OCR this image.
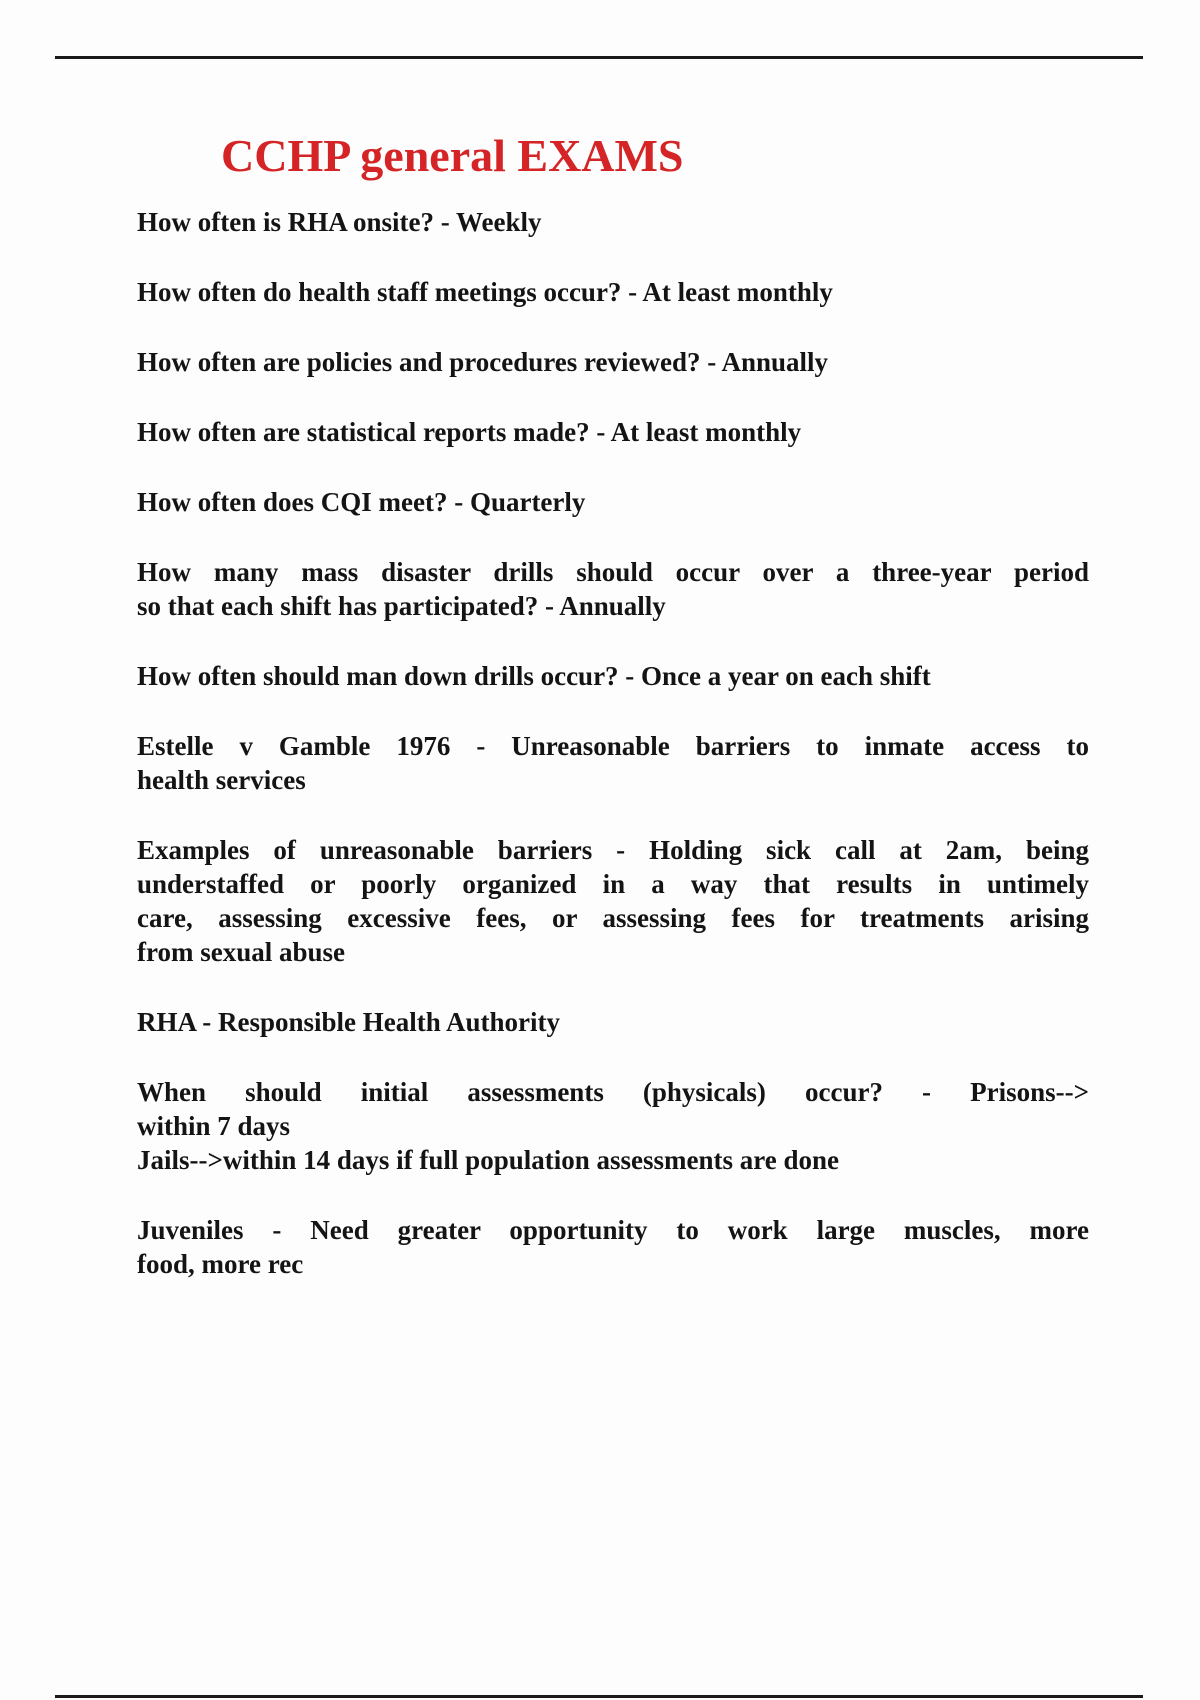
CCHP general EXAMS
How often is RHA onsite? - Weekly
How often do health staff meetings occur? - At least monthly
How often are policies and procedures reviewed? - Annually
How often are statistical reports made? - At least monthly
How often does CQI meet? - Quarterly
How many mass disaster drills should occur over a three-year period
so that each shift has participated? - Annually
How often should man down drills occur? - Once a year on each shift
Estelle v Gamble 1976 - Unreasonable barriers to inmate access to
health services
Examples of unreasonable barriers - Holding sick call at 2am, being
understaffed or poorly organized in a way that results in untimely
care, assessing excessive fees, or assessing fees for treatments arising
from sexual abuse
RHA - Responsible Health Authority
When should initial assessments (physicals) occur? - Prisons-->
within 7 days
Jails-->within 14 days if full population assessments are done
Juveniles - Need greater opportunity to work large muscles, more
food, more rec
